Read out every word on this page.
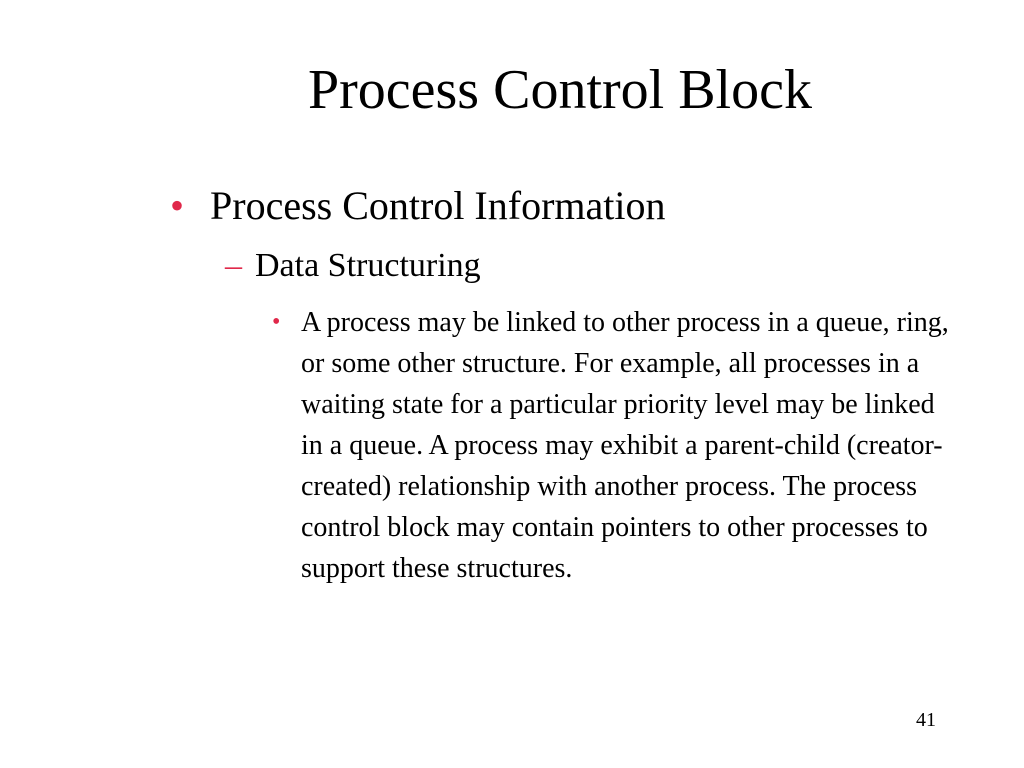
Process Control Block
• Process Control Information
– Data Structuring
• A process may be linked to other process in a queue, ring, or some other structure. For example, all processes in a waiting state for a particular priority level may be linked in a queue. A process may exhibit a parent-child (creator-created) relationship with another process. The process control block may contain pointers to other processes to support these structures.
41
